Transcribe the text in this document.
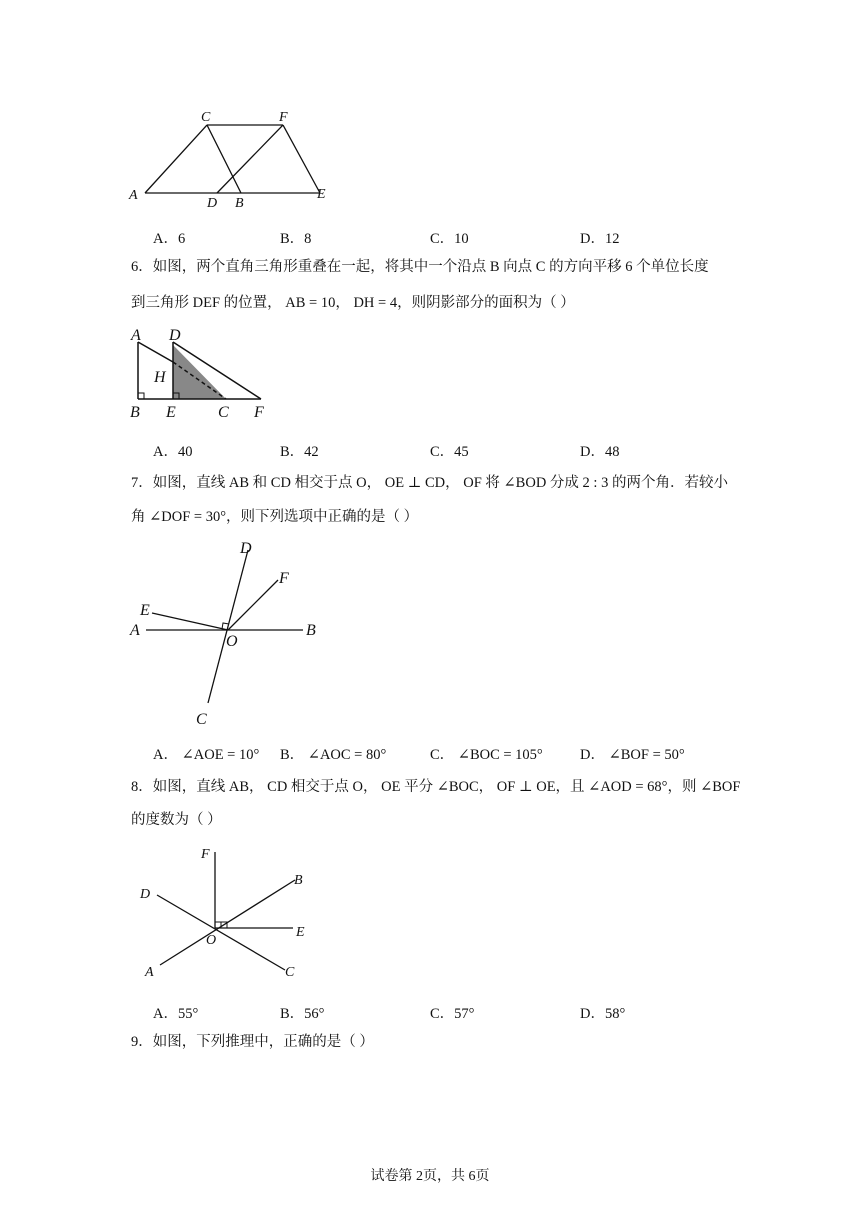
A
C	F
E
D B
A．6	B．8	C．10	D．12
6．如图，两个直角三角形重叠在一起，将其中一个沿点 B 向点 C 的方向平移 6 个单位长度
到三角形 DEF 的位置， AB = 10， DH = 4，则阴影部分的面积为（ ）
A D
H
B E	C F
A．40	B．42	C．45	D．48
7．如图，直线 AB 和 CD 相交于点 O， OE ⊥ CD， OF 将 ∠BOD 分成 2 : 3 的两个角．若较小
角 ∠DOF = 30°，则下列选项中正确的是（ ）
D
F
E
A
O
B
C
A． ∠AOE = 10° B． ∠AOC = 80°	C． ∠BOC = 105°	D． ∠BOF = 50°
8．如图，直线 AB， CD 相交于点 O， OE 平分 ∠BOC， OF ⊥ OE，且 ∠AOD = 68°，则 ∠BOF
的度数为（ ）
F
B
D
E
O
A	C
A．55°	B．56°	C．57°	D．58°
9．如图，下列推理中，正确的是（ ）
试卷第 2页，共 6页
